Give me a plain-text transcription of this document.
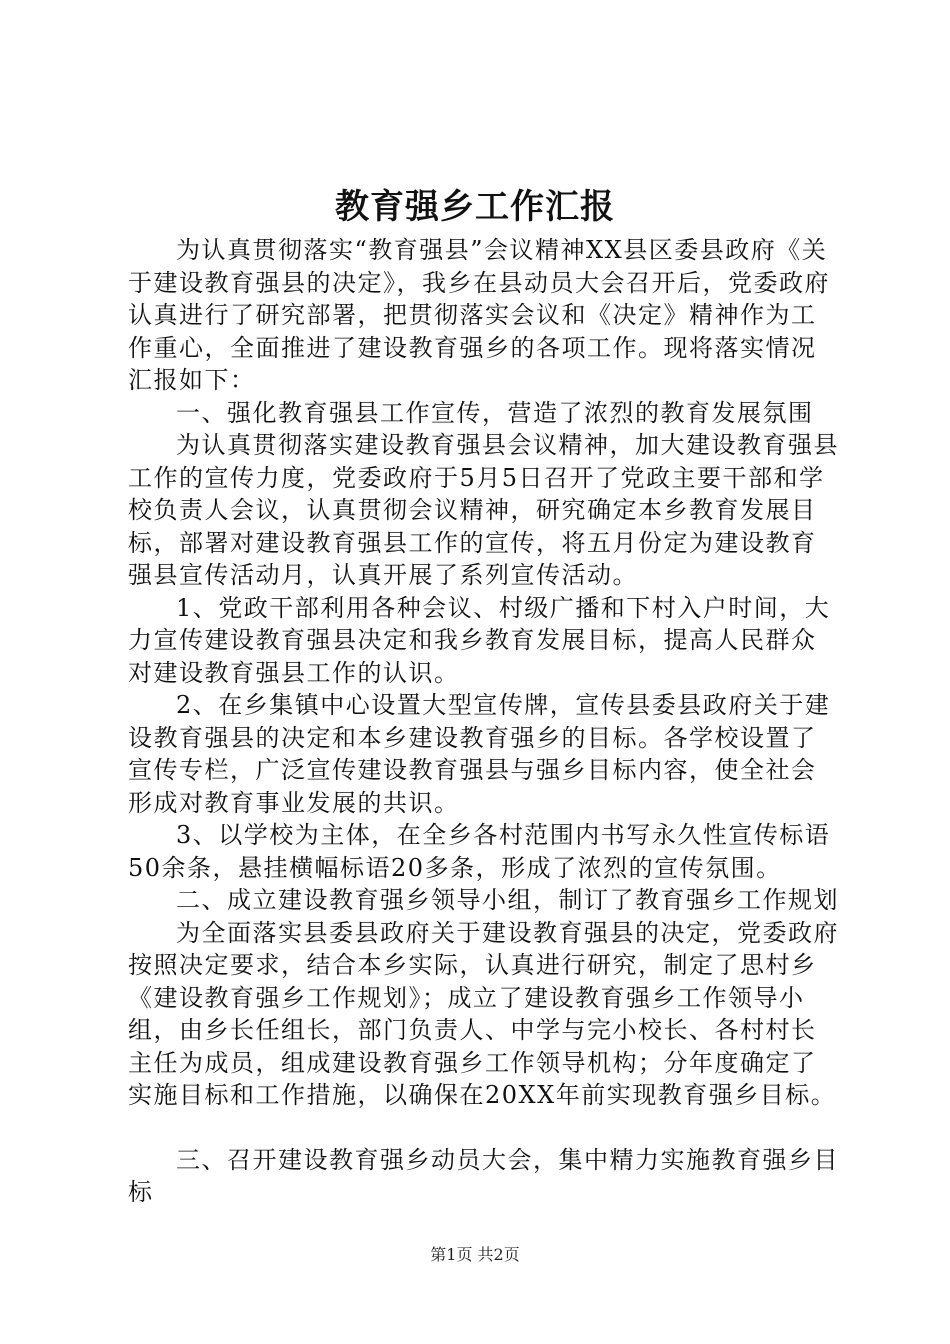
教育强乡工作汇报

为认真贯彻落实“教育强县”会议精神XX县区委县政府《关于建设教育强县的决定》，我乡在县动员大会召开后，党委政府认真进行了研究部署，把贯彻落实会议和《决定》精神作为工作重心，全面推进了建设教育强乡的各项工作。现将落实情况汇报如下：

一、强化教育强县工作宣传，营造了浓烈的教育发展氛围

为认真贯彻落实建设教育强县会议精神，加大建设教育强县工作的宣传力度，党委政府于5月5日召开了党政主要干部和学校负责人会议，认真贯彻会议精神，研究确定本乡教育发展目标，部署对建设教育强县工作的宣传，将五月份定为建设教育强县宣传活动月，认真开展了系列宣传活动。

1、党政干部利用各种会议、村级广播和下村入户时间，大力宣传建设教育强县决定和我乡教育发展目标，提高人民群众对建设教育强县工作的认识。

2、在乡集镇中心设置大型宣传牌，宣传县委县政府关于建设教育强县的决定和本乡建设教育强乡的目标。各学校设置了宣传专栏，广泛宣传建设教育强县与强乡目标内容，使全社会形成对教育事业发展的共识。

3、以学校为主体，在全乡各村范围内书写永久性宣传标语50余条，悬挂横幅标语20多条，形成了浓烈的宣传氛围。

二、成立建设教育强乡领导小组，制订了教育强乡工作规划

为全面落实县委县政府关于建设教育强县的决定，党委政府按照决定要求，结合本乡实际，认真进行研究，制定了思村乡《建设教育强乡工作规划》；成立了建设教育强乡工作领导小组，由乡长任组长，部门负责人、中学与完小校长、各村村长主任为成员，组成建设教育强乡工作领导机构；分年度确定了实施目标和工作措施，以确保在20XX年前实现教育强乡目标。

三、召开建设教育强乡动员大会，集中精力实施教育强乡目标

第1页 共2页
